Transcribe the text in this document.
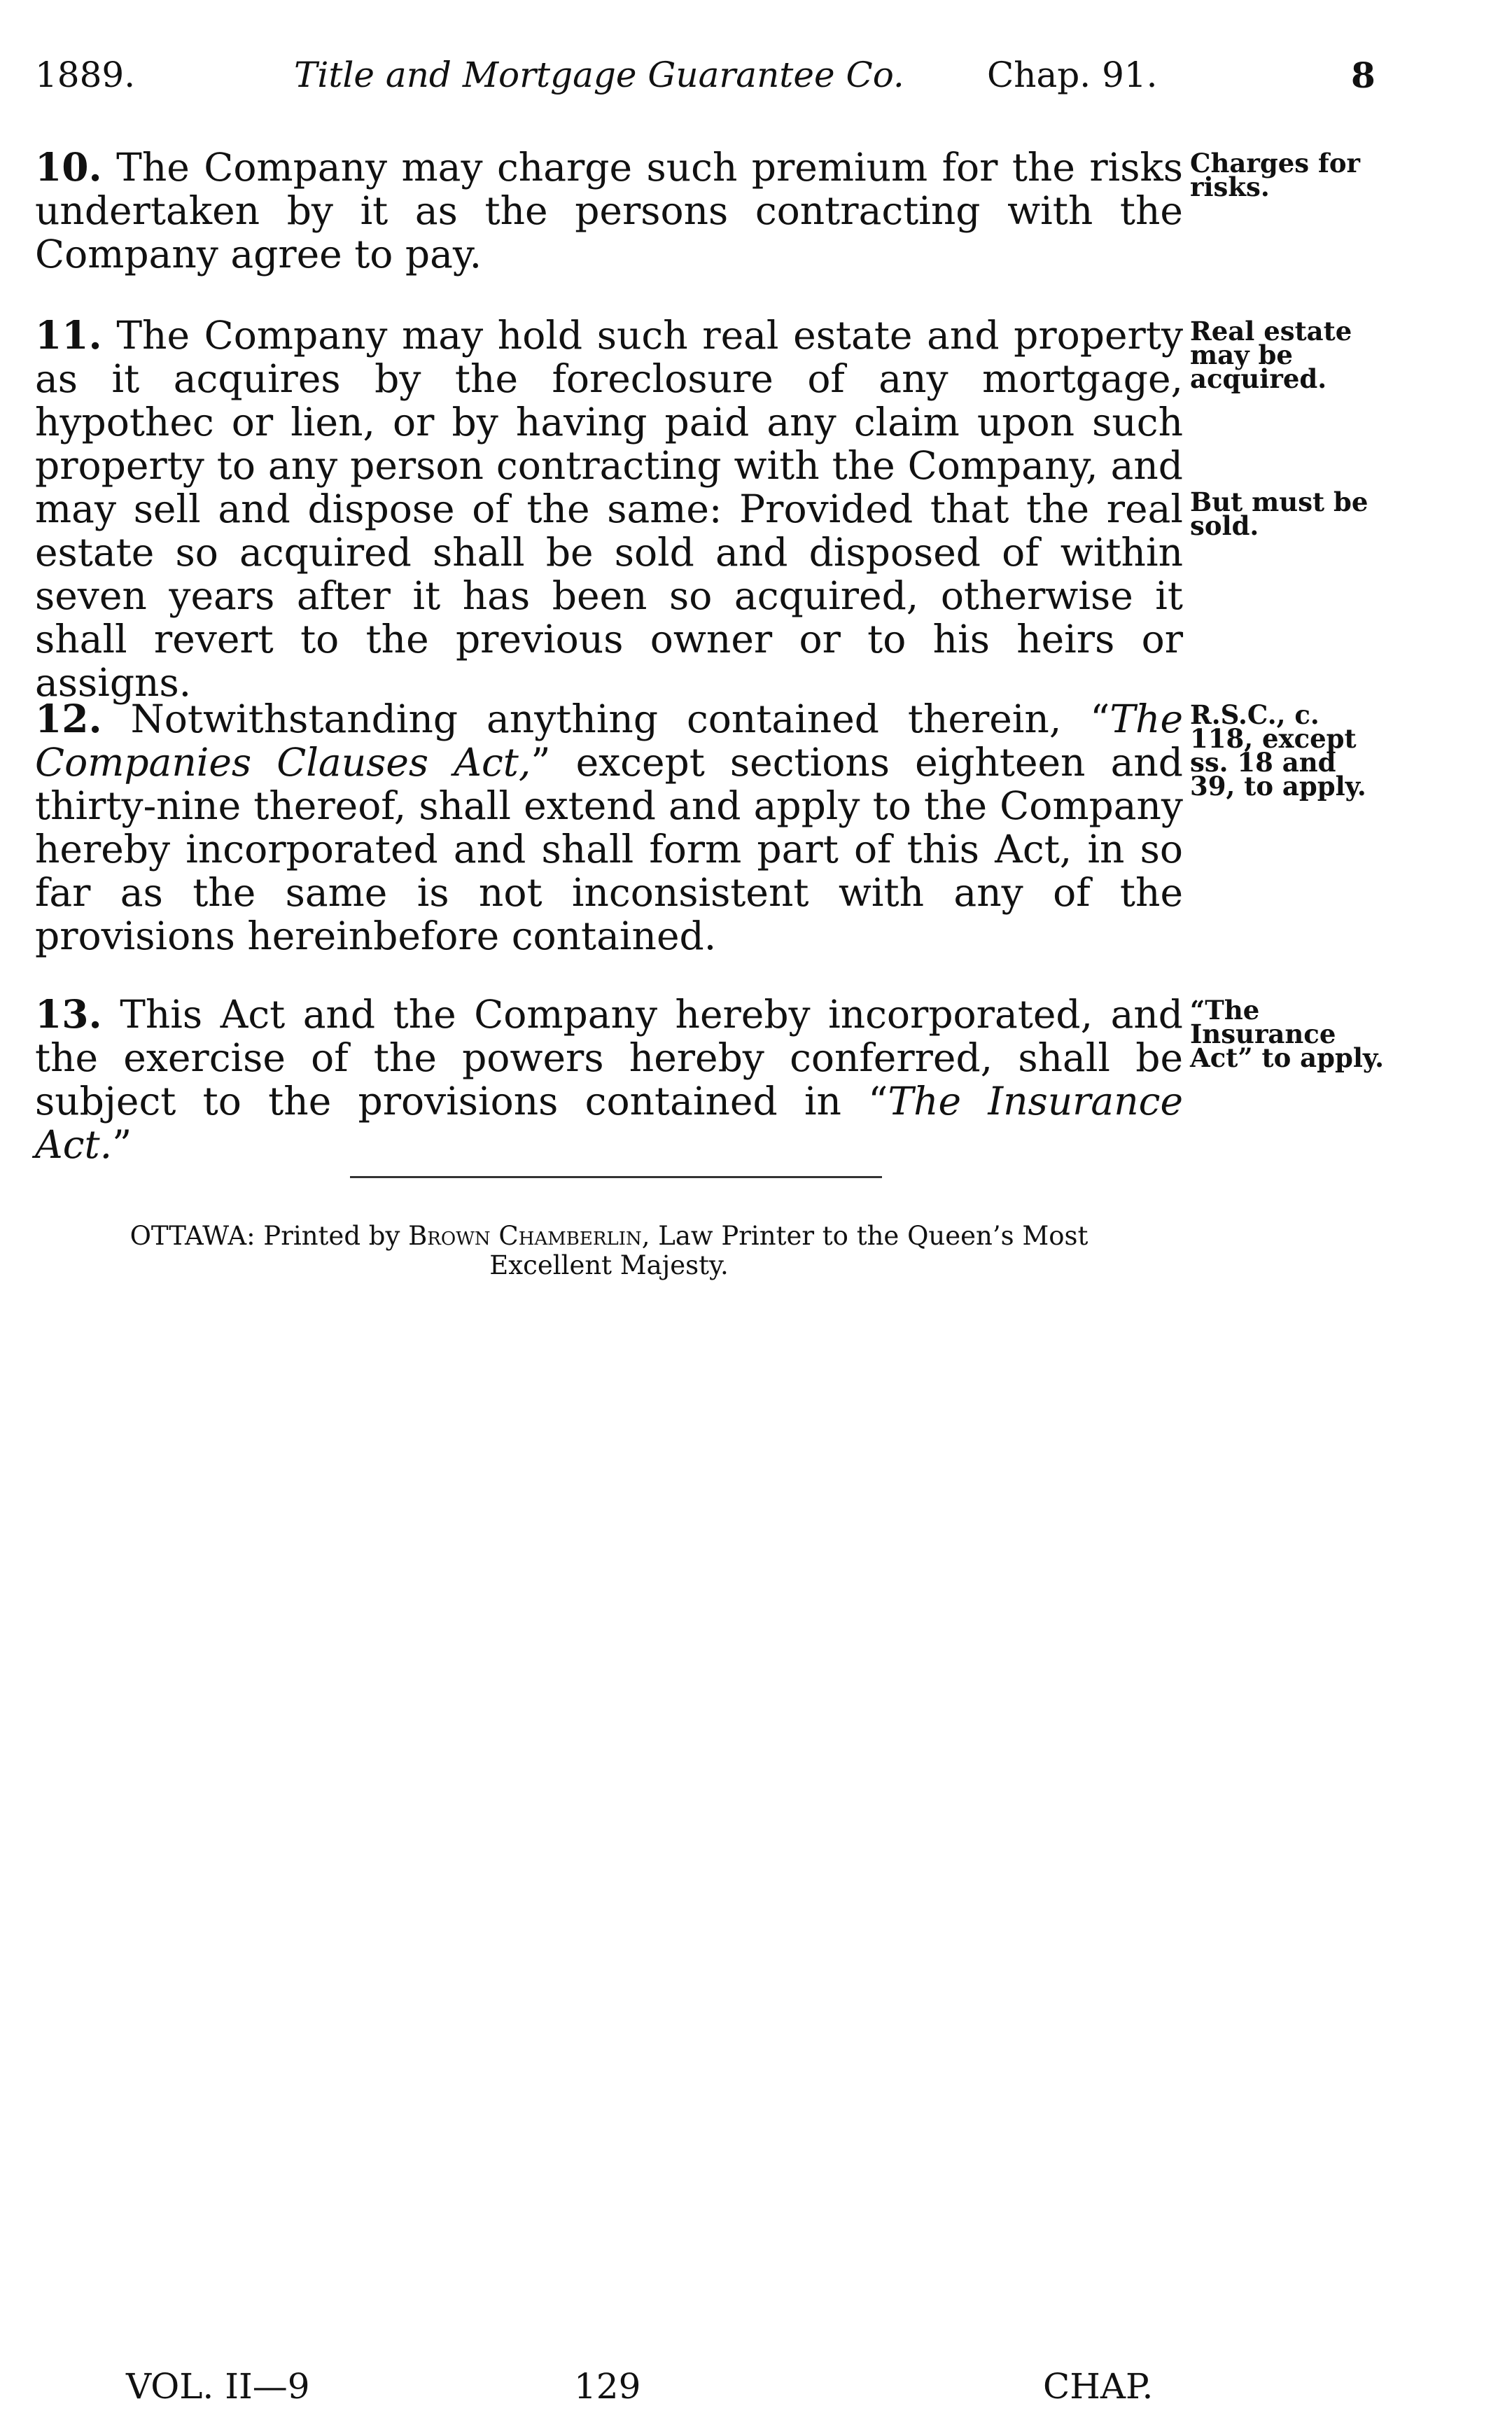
1889.	Title and Mortgage Guarantee Co. Chap. 91.	8

10. The Company may charge such premium for the risks undertaken by it as the persons contracting with the Company agree to pay.

Charges for risks.

11. The Company may hold such real estate and property as it acquires by the foreclosure of any mortgage, hypothec or lien, or by having paid any claim upon such property to any person contracting with the Company, and may sell and dispose of the same: Provided that the real estate so acquired shall be sold and disposed of within seven years after it has been so acquired, otherwise it shall revert to the previous owner or to his heirs or assigns.

Real estate may be acquired.

But must be sold.

12. Notwithstanding anything contained therein, “The Companies Clauses Act,” except sections eighteen and thirty-nine thereof, shall extend and apply to the Company hereby incorporated and shall form part of this Act, in so far as the same is not inconsistent with any of the provisions hereinbefore contained.

R.S.C., c. 118, except ss. 18 and 39, to apply.

13. This Act and the Company hereby incorporated, and the exercise of the powers hereby conferred, shall be subject to the provisions contained in “The Insurance Act.”

“The Insurance Act” to apply.

OTTAWA: Printed by Brown Chamberlin, Law Printer to the Queen’s Most Excellent Majesty.

VOL. II—9	129	CHAP.
